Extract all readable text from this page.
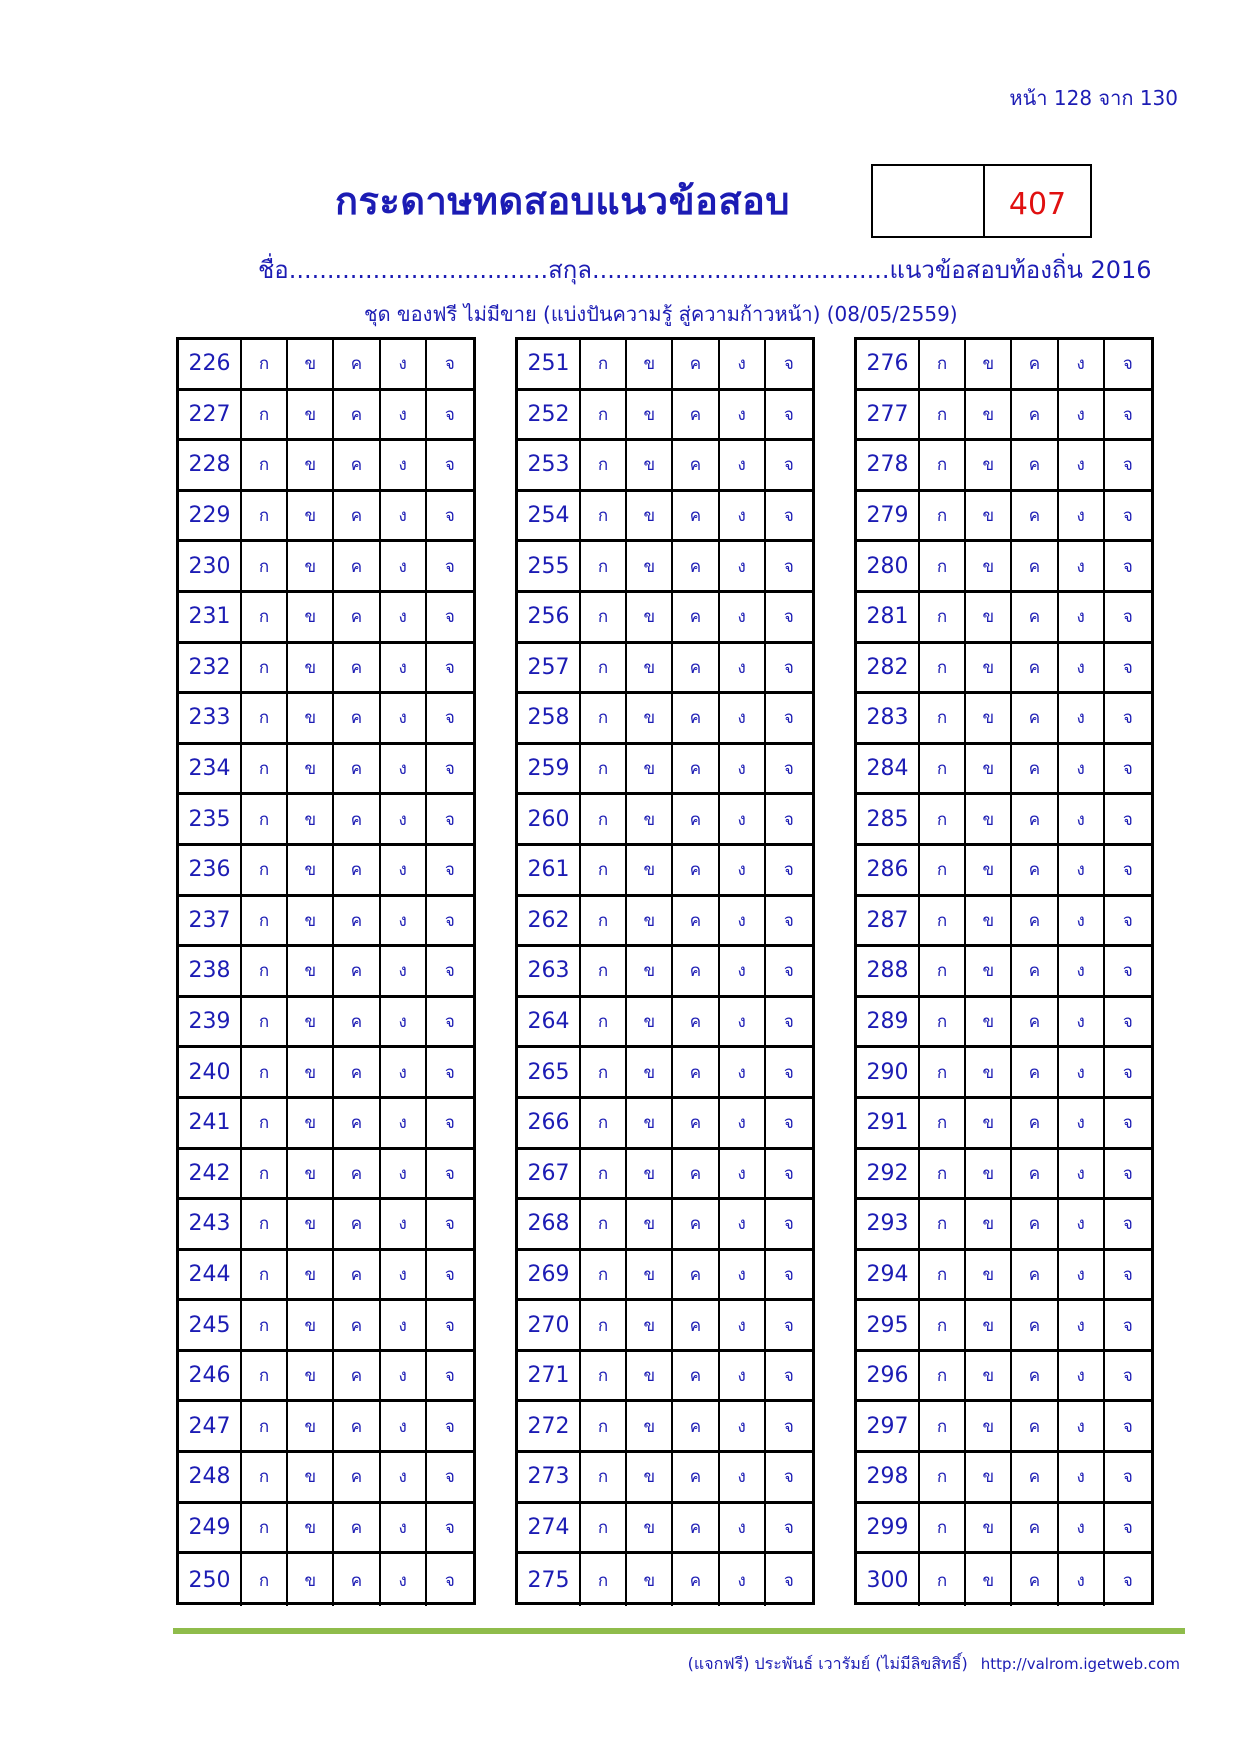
หน้า 128 จาก 130
กระดาษทดสอบแนวข้อสอบ	407
ชื่อ..................................สกุล.......................................แนวข้อสอบท้องถิ่น 2016
ชุด ของฟรี ไม่มีขาย (แบ่งปันความรู้ สู่ความก้าวหน้า) (08/05/2559)
226	ก	ข	ค	ง	จ
227	ก	ข	ค	ง	จ
228	ก	ข	ค	ง	จ
229	ก	ข	ค	ง	จ
230	ก	ข	ค	ง	จ
231	ก	ข	ค	ง	จ
232	ก	ข	ค	ง	จ
233	ก	ข	ค	ง	จ
234	ก	ข	ค	ง	จ
235	ก	ข	ค	ง	จ
236	ก	ข	ค	ง	จ
237	ก	ข	ค	ง	จ
238	ก	ข	ค	ง	จ
239	ก	ข	ค	ง	จ
240	ก	ข	ค	ง	จ
241	ก	ข	ค	ง	จ
242	ก	ข	ค	ง	จ
243	ก	ข	ค	ง	จ
244	ก	ข	ค	ง	จ
245	ก	ข	ค	ง	จ
246	ก	ข	ค	ง	จ
247	ก	ข	ค	ง	จ
248	ก	ข	ค	ง	จ
249	ก	ข	ค	ง	จ
250	ก	ข	ค	ง	จ
251	ก	ข	ค	ง	จ
252	ก	ข	ค	ง	จ
253	ก	ข	ค	ง	จ
254	ก	ข	ค	ง	จ
255	ก	ข	ค	ง	จ
256	ก	ข	ค	ง	จ
257	ก	ข	ค	ง	จ
258	ก	ข	ค	ง	จ
259	ก	ข	ค	ง	จ
260	ก	ข	ค	ง	จ
261	ก	ข	ค	ง	จ
262	ก	ข	ค	ง	จ
263	ก	ข	ค	ง	จ
264	ก	ข	ค	ง	จ
265	ก	ข	ค	ง	จ
266	ก	ข	ค	ง	จ
267	ก	ข	ค	ง	จ
268	ก	ข	ค	ง	จ
269	ก	ข	ค	ง	จ
270	ก	ข	ค	ง	จ
271	ก	ข	ค	ง	จ
272	ก	ข	ค	ง	จ
273	ก	ข	ค	ง	จ
274	ก	ข	ค	ง	จ
275	ก	ข	ค	ง	จ
276	ก	ข	ค	ง	จ
277	ก	ข	ค	ง	จ
278	ก	ข	ค	ง	จ
279	ก	ข	ค	ง	จ
280	ก	ข	ค	ง	จ
281	ก	ข	ค	ง	จ
282	ก	ข	ค	ง	จ
283	ก	ข	ค	ง	จ
284	ก	ข	ค	ง	จ
285	ก	ข	ค	ง	จ
286	ก	ข	ค	ง	จ
287	ก	ข	ค	ง	จ
288	ก	ข	ค	ง	จ
289	ก	ข	ค	ง	จ
290	ก	ข	ค	ง	จ
291	ก	ข	ค	ง	จ
292	ก	ข	ค	ง	จ
293	ก	ข	ค	ง	จ
294	ก	ข	ค	ง	จ
295	ก	ข	ค	ง	จ
296	ก	ข	ค	ง	จ
297	ก	ข	ค	ง	จ
298	ก	ข	ค	ง	จ
299	ก	ข	ค	ง	จ
300	ก	ข	ค	ง	จ
(แจกฟรี) ประพันธ์ เวารัมย์ (ไม่มีลิขสิทธิ์) http://valrom.igetweb.com
